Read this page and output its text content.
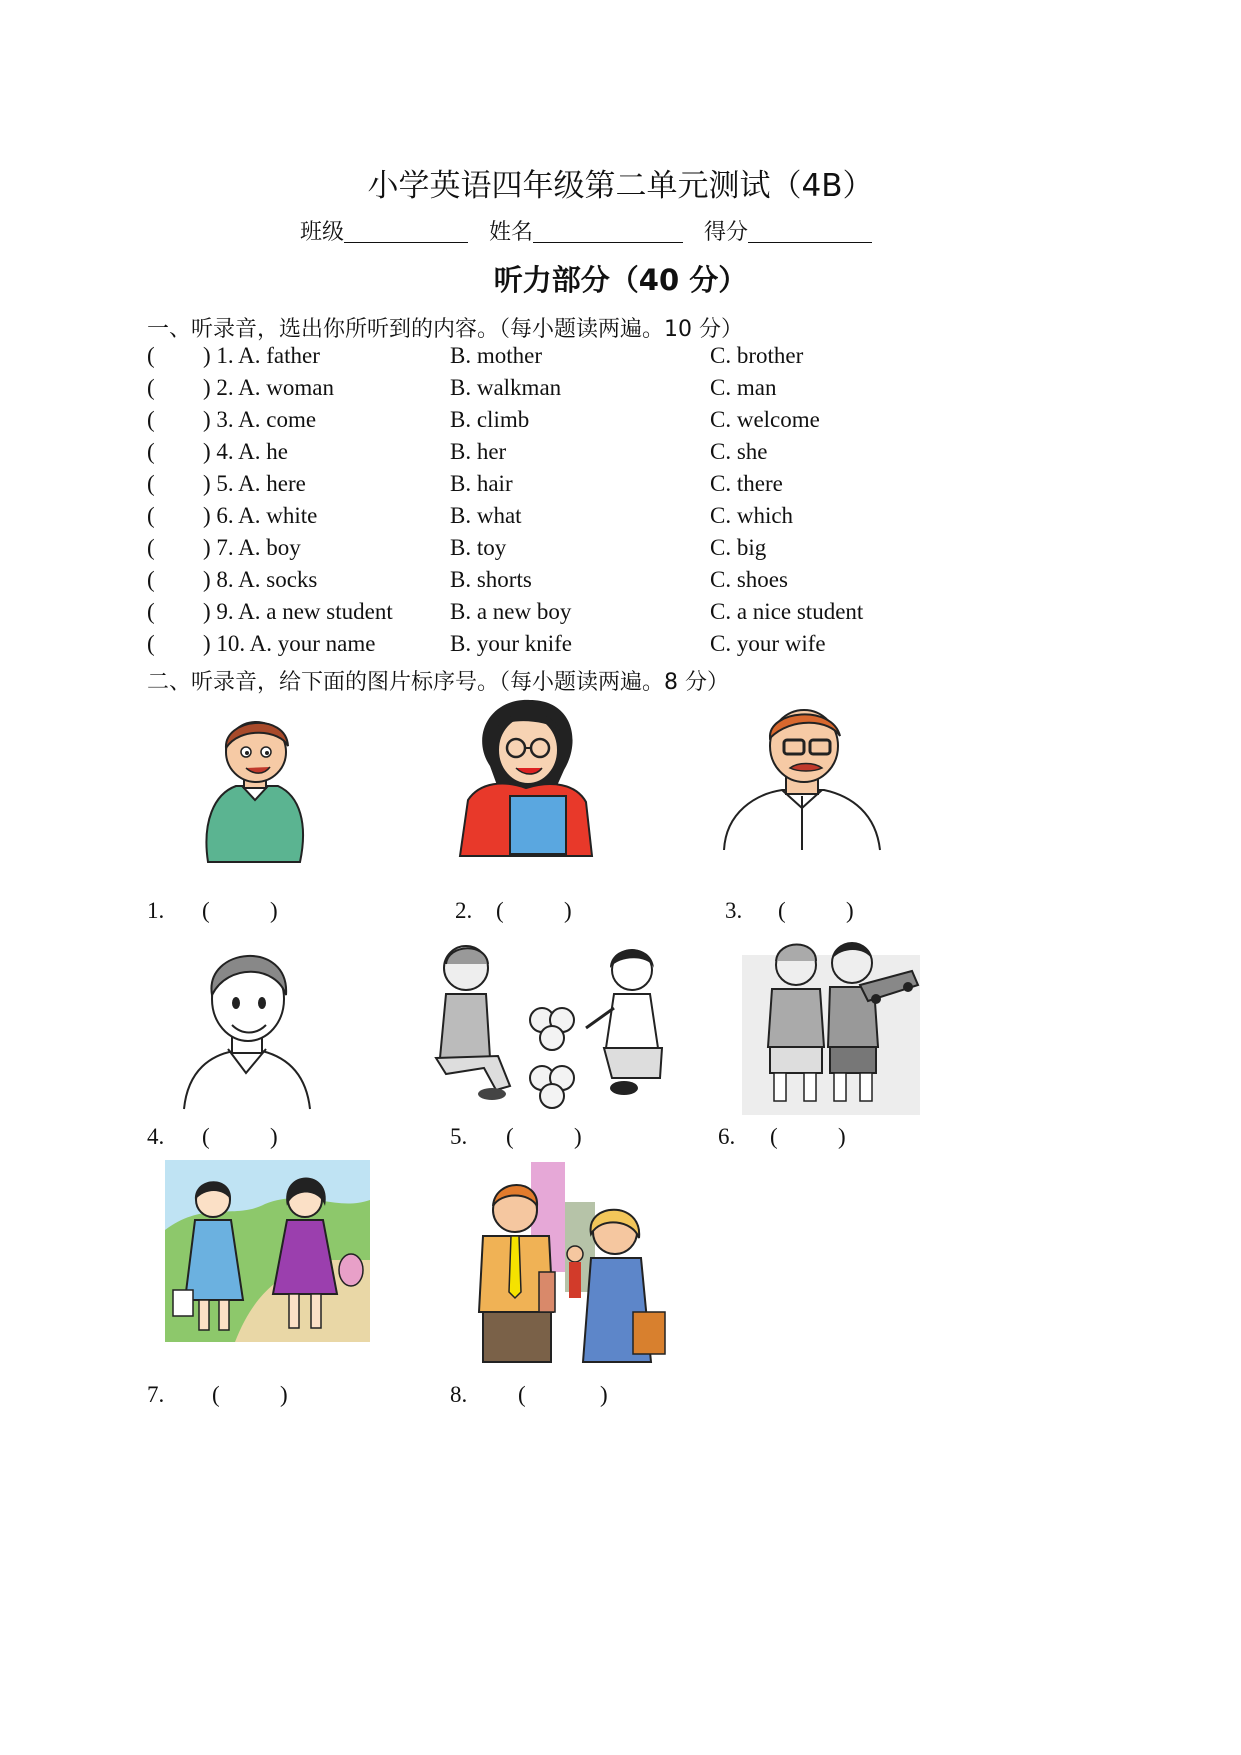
小学英语四年级第二单元测试（4B）
班级	姓名	得分
听力部分（40 分）
一、听录音，选出你所听到的内容。（每小题读两遍。10 分）
( ) 1. A. father	B. mother	C. brother
( ) 2. A. woman	B. walkman	C. man
( ) 3. A. come	B. climb	C. welcome
( ) 4. A. he	B. her	C. she
( ) 5. A. here	B. hair	C. there
( ) 6. A. white	B. what	C. which
( ) 7. A. boy	B. toy	C. big
( ) 8. A. socks	B. shorts	C. shoes
( ) 9. A. a new student B. a new boy	C. a nice student
( ) 10. A. your name	B. your knife	C. your wife
二、听录音，给下面的图片标序号。（每小题读两遍。8 分）
1. (	)	2. (	)	3. (	)
4. (	)	5. (	)	6. (	)
7. (	)	8. (	)
